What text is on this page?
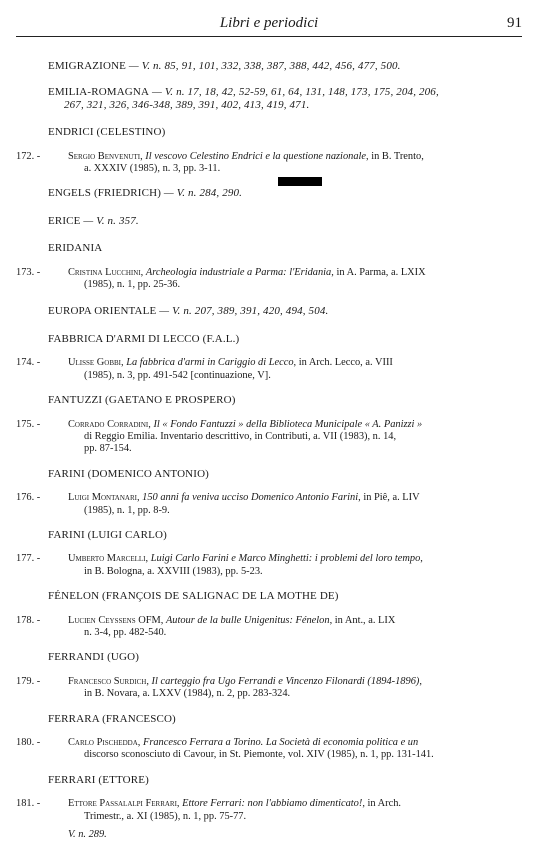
Libri e periodici	91
EMIGRAZIONE — V. n. 85, 91, 101, 332, 338, 387, 388, 442, 456, 477, 500.
EMILIA-ROMAGNA — V. n. 17, 18, 42, 52-59, 61, 64, 131, 148, 173, 175, 204, 206,
267, 321, 326, 346-348, 389, 391, 402, 413, 419, 471.
ENDRICI (CELESTINO)
172. -	Sergio Benvenuti, Il vescovo Celestino Endrici e la questione nazionale, in B. Trento,
a. XXXIV (1985), n. 3, pp. 3-11.
ENGELS (FRIEDRICH) — V. n. 284, 290.
ERICE — V. n. 357.
ERIDANIA
173. -	Cristina Lucchini, Archeologia industriale a Parma: l'Eridania, in A. Parma, a. LXIX
(1985), n. 1, pp. 25-36.
EUROPA ORIENTALE — V. n. 207, 389, 391, 420, 494, 504.
FABBRICA D'ARMI DI LECCO (F.A.L.)
174. -	Ulisse Gobbi, La fabbrica d'armi in Cariggio di Lecco, in Arch. Lecco, a. VIII
(1985), n. 3, pp. 491-542 [continuazione, V].
FANTUZZI (GAETANO E PROSPERO)
175. -	Corrado Corradini, Il « Fondo Fantuzzi » della Biblioteca Municipale « A. Panizzi »
di Reggio Emilia. Inventario descrittivo, in Contributi, a. VII (1983), n. 14,
pp. 87-154.
FARINI (DOMENICO ANTONIO)
176. -	Luigi Montanari, 150 anni fa veniva ucciso Domenico Antonio Farini, in Piê, a. LIV
(1985), n. 1, pp. 8-9.
FARINI (LUIGI CARLO)
177. -	Umberto Marcelli, Luigi Carlo Farini e Marco Minghetti: i problemi del loro tempo,
in B. Bologna, a. XXVIII (1983), pp. 5-23.
FÉNELON (FRANÇOIS DE SALIGNAC DE LA MOTHE DE)
178. -	Lucien Ceyssens OFM, Autour de la bulle Unigenitus: Fénelon, in Ant., a. LIX
n. 3-4, pp. 482-540.
FERRANDI (UGO)
179. -	Francesco Surdich, Il carteggio fra Ugo Ferrandi e Vincenzo Filonardi (1894-1896),
in B. Novara, a. LXXV (1984), n. 2, pp. 283-324.
FERRARA (FRANCESCO)
180. -	Carlo Pischedda, Francesco Ferrara a Torino. La Società di economia politica e un
discorso sconosciuto di Cavour, in St. Piemonte, vol. XIV (1985), n. 1, pp. 131-141.
FERRARI (ETTORE)
181. -	Ettore Passalalpi Ferrari, Ettore Ferrari: non l'abbiamo dimenticato!, in Arch.
Trimestr., a. XI (1985), n. 1, pp. 75-77.
V. n. 289.
